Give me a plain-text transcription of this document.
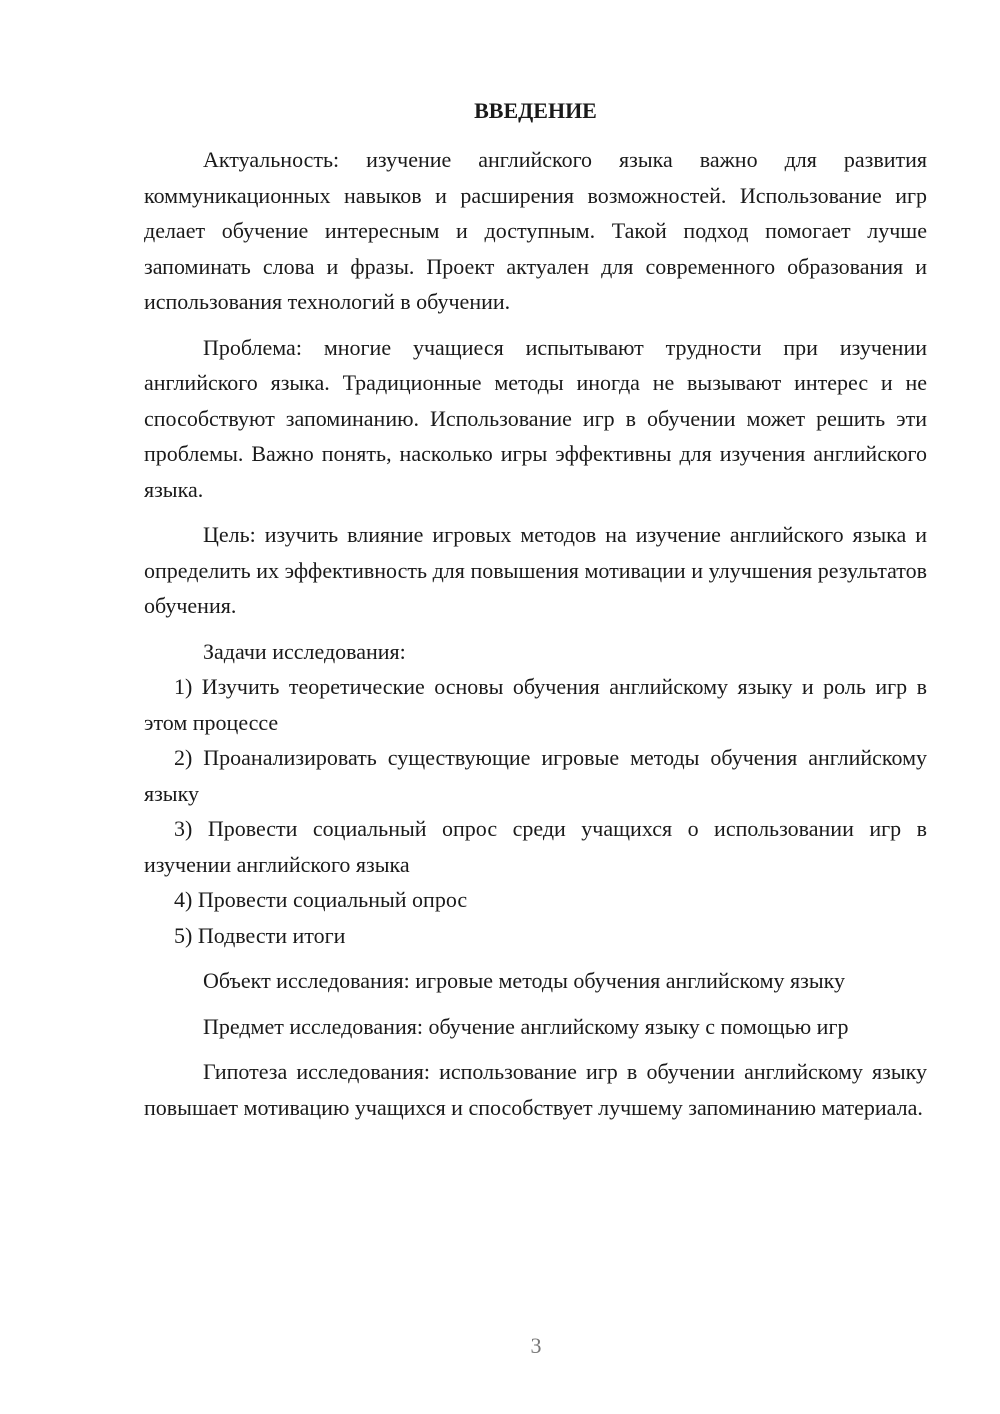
ВВЕДЕНИЕ

Актуальность: изучение английского языка важно для развития коммуникационных навыков и расширения возможностей. Использование игр делает обучение интересным и доступным. Такой подход помогает лучше запоминать слова и фразы. Проект актуален для современного образования и использования технологий в обучении.

Проблема: многие учащиеся испытывают трудности при изучении английского языка. Традиционные методы иногда не вызывают интерес и не способствуют запоминанию. Использование игр в обучении может решить эти проблемы. Важно понять, насколько игры эффективны для изучения английского языка.

Цель: изучить влияние игровых методов на изучение английского языка и определить их эффективность для повышения мотивации и улучшения результатов обучения.

Задачи исследования:

1) Изучить теоретические основы обучения английскому языку и роль игр в этом процессе

2) Проанализировать существующие игровые методы обучения английскому языку

3) Провести социальный опрос среди учащихся о использовании игр в изучении английского языка

4) Провести социальный опрос

5) Подвести итоги

Объект исследования: игровые методы обучения английскому языку

Предмет исследования: обучение английскому языку с помощью игр

Гипотеза исследования: использование игр в обучении английскому языку повышает мотивацию учащихся и способствует лучшему запоминанию материала.

3
